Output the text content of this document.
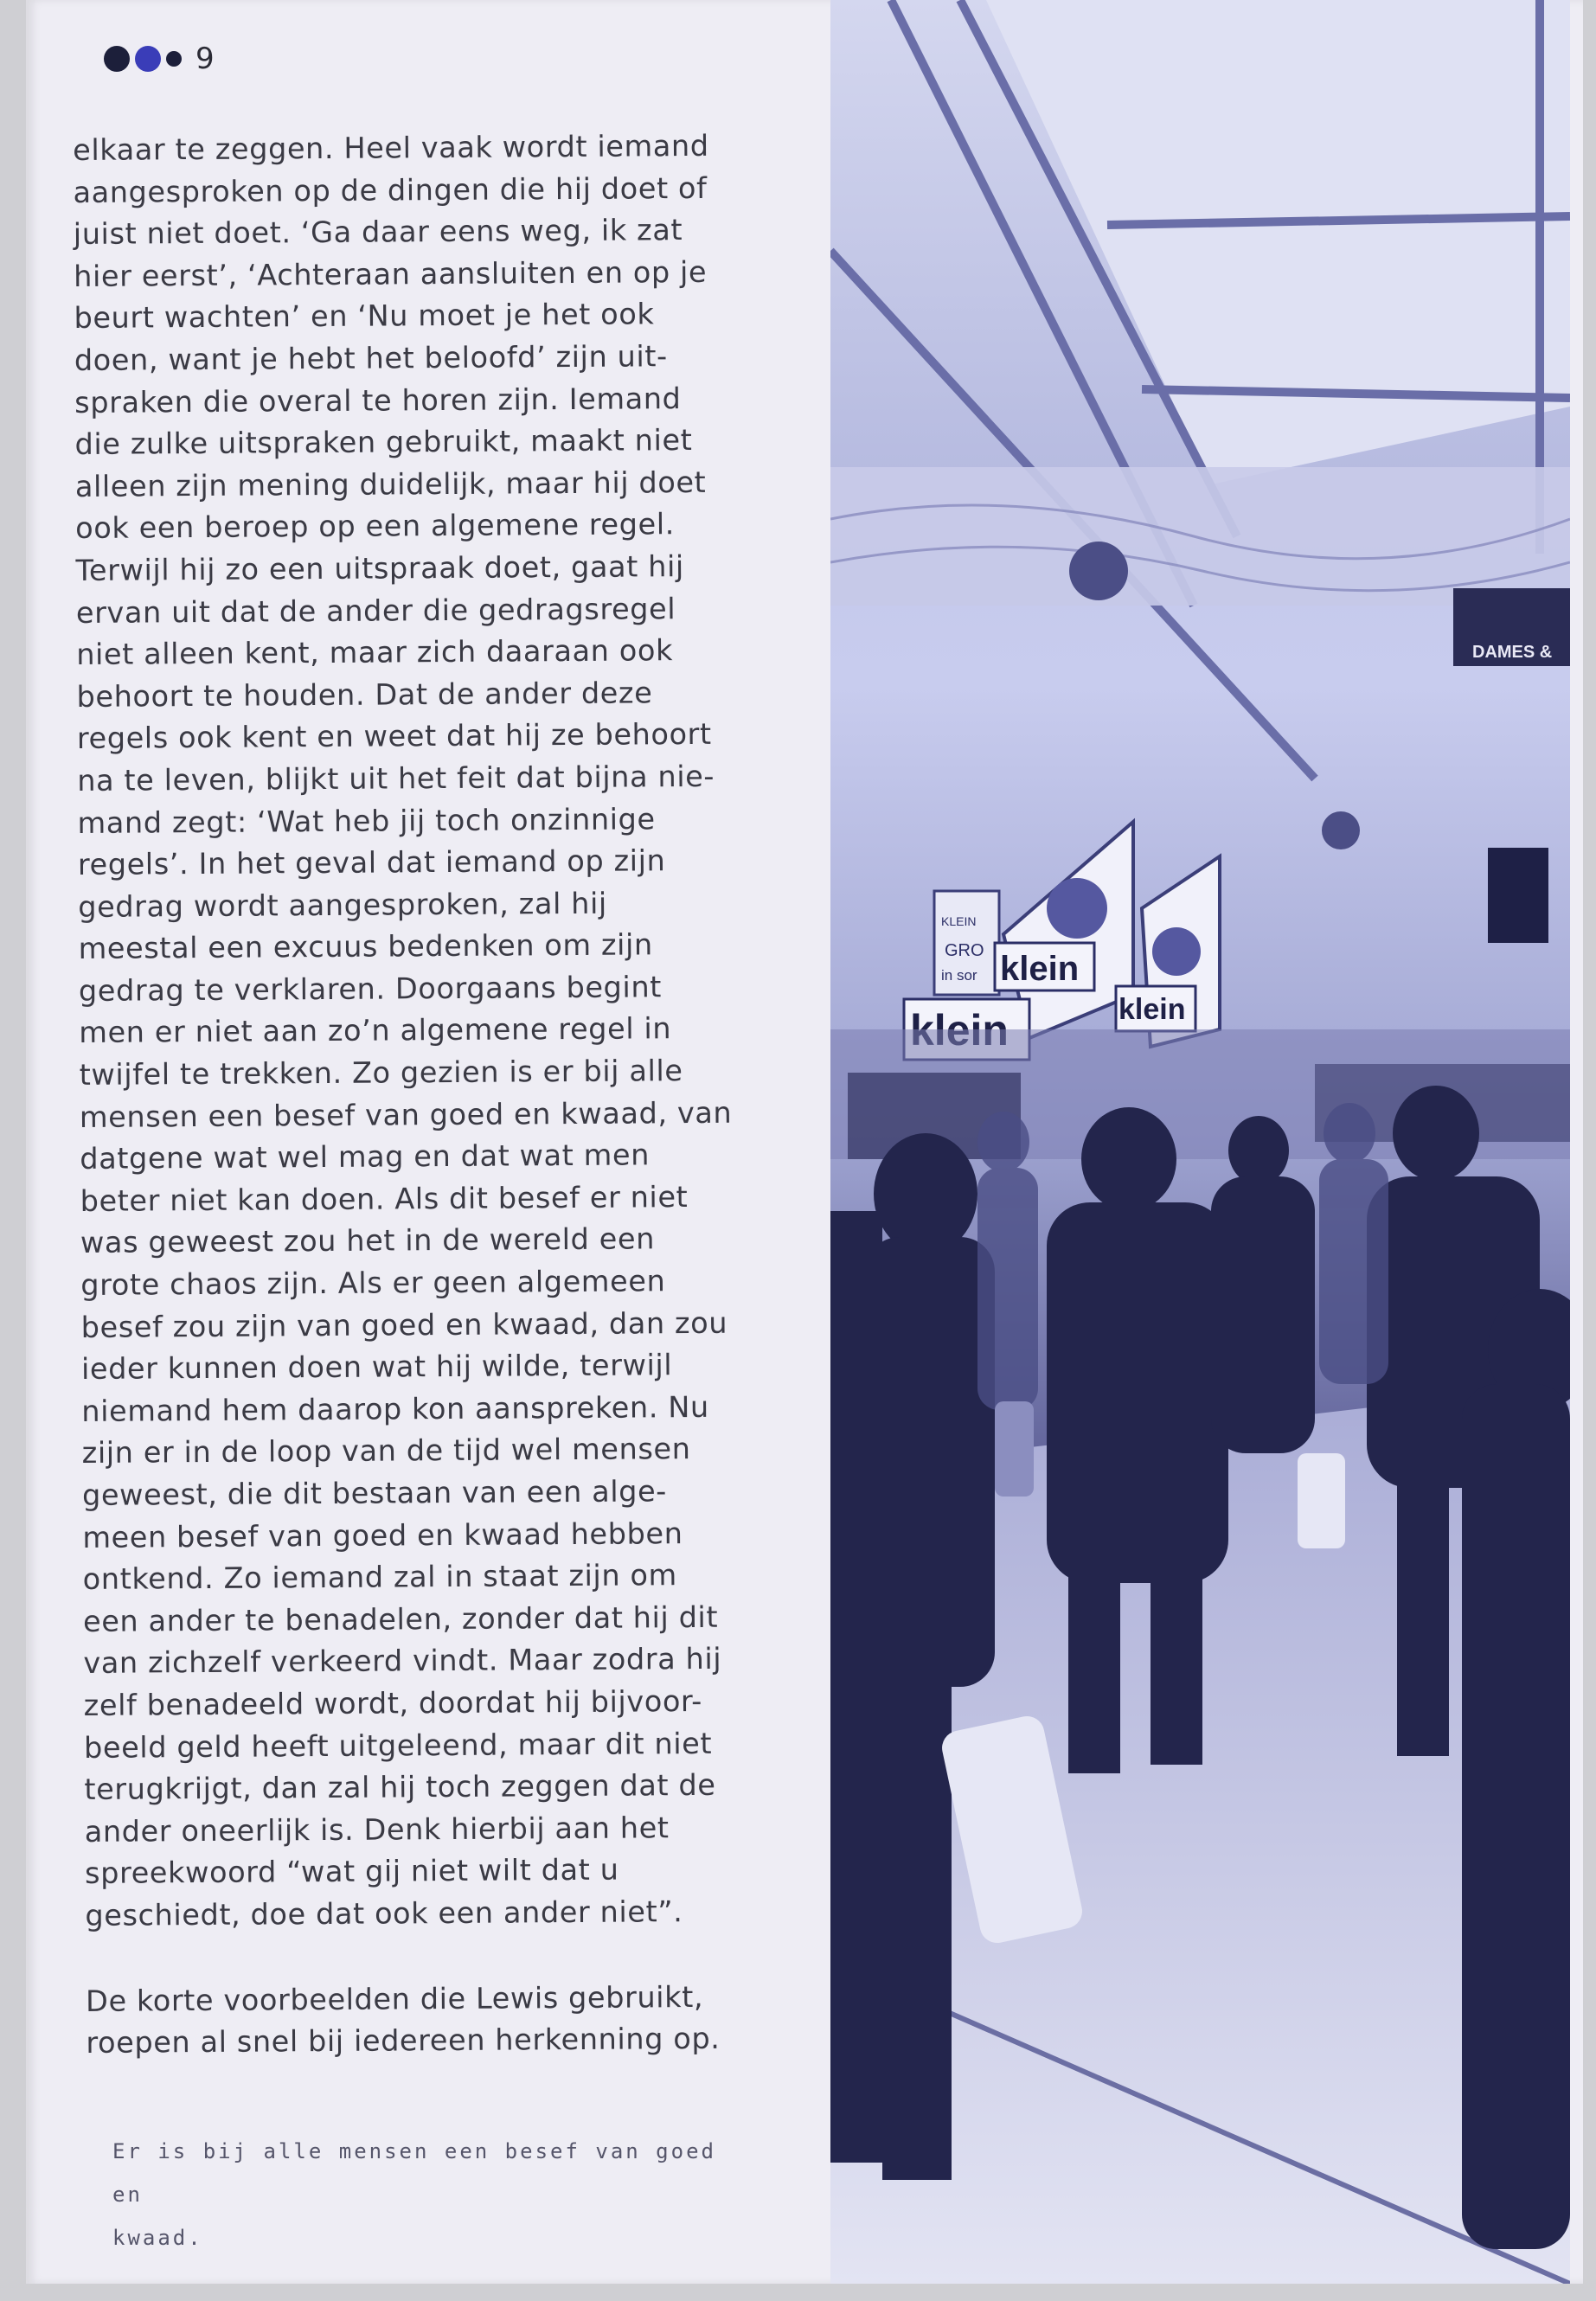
9
elkaar te zeggen. Heel vaak wordt iemand
aangesproken op de dingen die hij doet of
juist niet doet. ‘Ga daar eens weg, ik zat
hier eerst’, ‘Achteraan aansluiten en op je
beurt wachten’ en ‘Nu moet je het ook
doen, want je hebt het beloofd’ zijn uit-
spraken die overal te horen zijn. Iemand
die zulke uitspraken gebruikt, maakt niet
alleen zijn mening duidelijk, maar hij doet
ook een beroep op een algemene regel.
Terwijl hij zo een uitspraak doet, gaat hij
ervan uit dat de ander die gedragsregel
niet alleen kent, maar zich daaraan ook
behoort te houden. Dat de ander deze
regels ook kent en weet dat hij ze behoort
na te leven, blijkt uit het feit dat bijna nie-
mand zegt: ‘Wat heb jij toch onzinnige
regels’. In het geval dat iemand op zijn
gedrag wordt aangesproken, zal hij
meestal een excuus bedenken om zijn
gedrag te verklaren. Doorgaans begint
men er niet aan zo’n algemene regel in
twijfel te trekken. Zo gezien is er bij alle
mensen een besef van goed en kwaad, van
datgene wat wel mag en dat wat men
beter niet kan doen. Als dit besef er niet
was geweest zou het in de wereld een
grote chaos zijn. Als er geen algemeen
besef zou zijn van goed en kwaad, dan zou
ieder kunnen doen wat hij wilde, terwijl
niemand hem daarop kon aanspreken. Nu
zijn er in de loop van de tijd wel mensen
geweest, die dit bestaan van een alge-
meen besef van goed en kwaad hebben
ontkend. Zo iemand zal in staat zijn om
een ander te benadelen, zonder dat hij dit
van zichzelf verkeerd vindt. Maar zodra hij
zelf benadeeld wordt, doordat hij bijvoor-
beeld geld heeft uitgeleend, maar dit niet
terugkrijgt, dan zal hij toch zeggen dat de
ander oneerlijk is. Denk hierbij aan het
spreekwoord “wat gij niet wilt dat u
geschiedt, doe dat ook een ander niet”.
De korte voorbeelden die Lewis gebruikt,
roepen al snel bij iedereen herkenning op.
Er is bij alle mensen een besef van goed en
kwaad.
DAMES &
KLEIN
GRO
in sor klein
klein
